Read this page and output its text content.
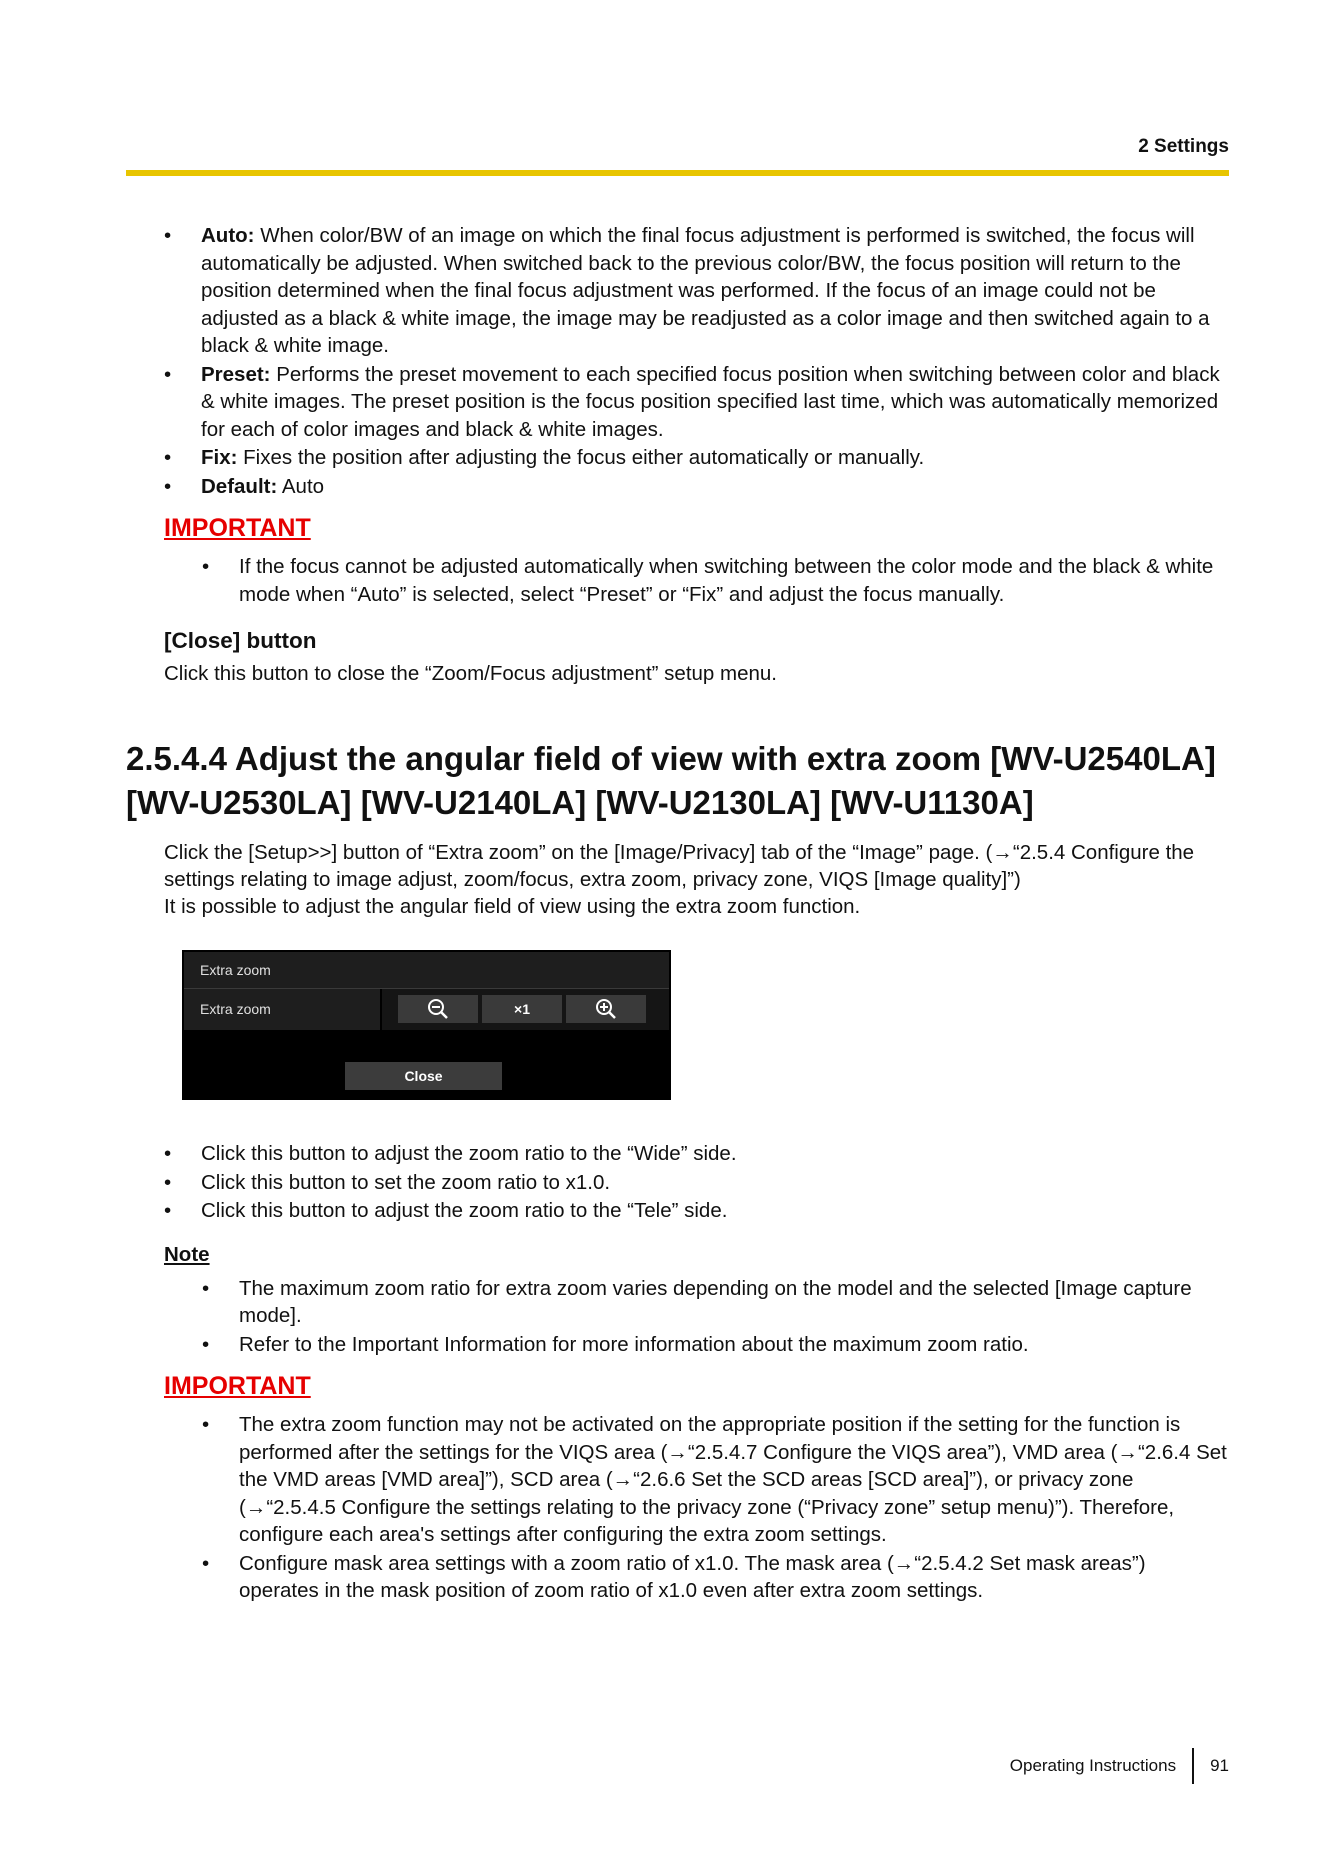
2 Settings
• Auto: When color/BW of an image on which the final focus adjustment is performed is switched, the focus will automatically be adjusted. When switched back to the previous color/BW, the focus position will return to the position determined when the final focus adjustment was performed. If the focus of an image could not be adjusted as a black & white image, the image may be readjusted as a color image and then switched again to a black & white image.
• Preset: Performs the preset movement to each specified focus position when switching between color and black & white images. The preset position is the focus position specified last time, which was automatically memorized for each of color images and black & white images.
• Fix: Fixes the position after adjusting the focus either automatically or manually.
• Default: Auto
IMPORTANT
• If the focus cannot be adjusted automatically when switching between the color mode and the black & white mode when “Auto” is selected, select “Preset” or “Fix” and adjust the focus manually.
[Close] button
Click this button to close the “Zoom/Focus adjustment” setup menu.
2.5.4.4 Adjust the angular field of view with extra zoom [WV-U2540LA] [WV-U2530LA] [WV-U2140LA] [WV-U2130LA] [WV-U1130A]
Click the [Setup>>] button of “Extra zoom” on the [Image/Privacy] tab of the “Image” page. (→“2.5.4 Configure the settings relating to image adjust, zoom/focus, extra zoom, privacy zone, VIQS [Image quality]”)
It is possible to adjust the angular field of view using the extra zoom function.
Extra zoom
Extra zoom	×1
Close
• Click this button to adjust the zoom ratio to the “Wide” side.
• Click this button to set the zoom ratio to x1.0.
• Click this button to adjust the zoom ratio to the “Tele” side.
Note
• The maximum zoom ratio for extra zoom varies depending on the model and the selected [Image capture mode].
• Refer to the Important Information for more information about the maximum zoom ratio.
IMPORTANT
• The extra zoom function may not be activated on the appropriate position if the setting for the function is performed after the settings for the VIQS area (→“2.5.4.7 Configure the VIQS area”), VMD area (→“2.6.4 Set the VMD areas [VMD area]”), SCD area (→“2.6.6 Set the SCD areas [SCD area]”), or privacy zone (→“2.5.4.5 Configure the settings relating to the privacy zone (“Privacy zone” setup menu)”). Therefore, configure each area's settings after configuring the extra zoom settings.
• Configure mask area settings with a zoom ratio of x1.0. The mask area (→“2.5.4.2 Set mask areas”) operates in the mask position of zoom ratio of x1.0 even after extra zoom settings.
Operating Instructions 91
